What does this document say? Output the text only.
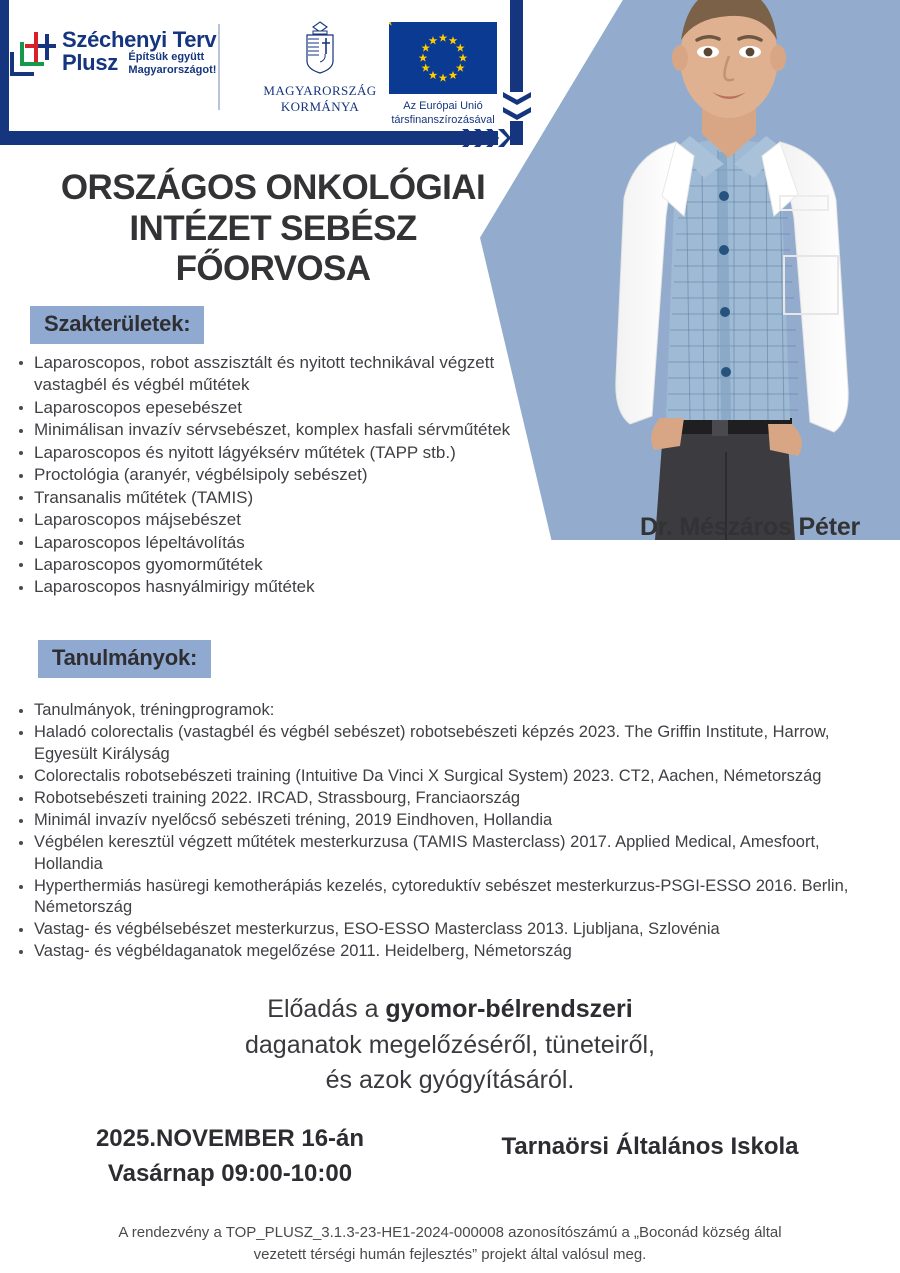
Széchenyi Terv
Plusz Építsük együtt
Magyarországot!
MAGYARORSZÁG
KORMÁNYA	Az Európai Unió
társfinanszírozásával
Dr. Mészáros Péter
ORSZÁGOS ONKOLÓGIAI
INTÉZET SEBÉSZ
FŐORVOSA
Szakterületek:
Laparoscopos, robot asszisztált és nyitott technikával végzett vastagbél és végbél műtétek
Laparoscopos epesebészet
Minimálisan invazív sérvsebészet, komplex hasfali sérvműtétek
Laparoscopos és nyitott lágyéksérv műtétek (TAPP stb.)
Proctológia (aranyér, végbélsipoly sebészet)
Transanalis műtétek (TAMIS)
Laparoscopos májsebészet
Laparoscopos lépeltávolítás
Laparoscopos gyomorműtétek
Laparoscopos hasnyálmirigy műtétek
Tanulmányok:
Tanulmányok, tréningprogramok:
Haladó colorectalis (vastagbél és végbél sebészet) robotsebészeti képzés 2023. The Griffin Institute, Harrow, Egyesült Királyság
Colorectalis robotsebészeti training (Intuitive Da Vinci X Surgical System) 2023. CT2, Aachen, Németország
Robotsebészeti training 2022. IRCAD, Strassbourg, Franciaország
Minimál invazív nyelőcső sebészeti tréning, 2019 Eindhoven, Hollandia
Végbélen keresztül végzett műtétek mesterkurzusa (TAMIS Masterclass) 2017. Applied Medical, Amesfoort, Hollandia
Hyperthermiás hasüregi kemotherápiás kezelés, cytoreduktív sebészet mesterkurzus-PSGI-ESSO 2016. Berlin, Németország
Vastag- és végbélsebészet mesterkurzus, ESO-ESSO Masterclass 2013. Ljubljana, Szlovénia
Vastag- és végbéldaganatok megelőzése 2011. Heidelberg, Németország
Előadás a gyomor-bélrendszeri
daganatok megelőzéséről, tüneteiről,
és azok gyógyításáról.
2025.NOVEMBER 16-án
Vasárnap 09:00-10:00
Tarnaörsi Általános Iskola
A rendezvény a TOP_PLUSZ_3.1.3-23-HE1-2024-000008 azonosítószámú a „Boconád község által
vezetett térségi humán fejlesztés” projekt által valósul meg.
